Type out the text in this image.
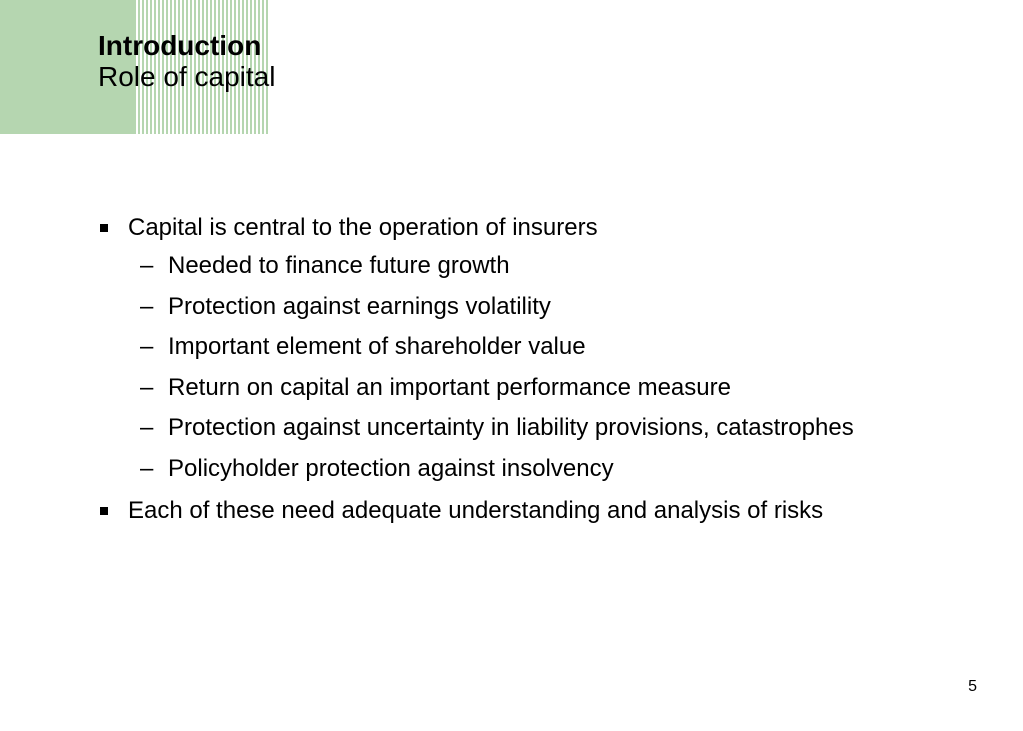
Introduction
Role of capital
Capital is central to the operation of insurers
– Needed to finance future growth
– Protection against earnings volatility
– Important element of shareholder value
– Return on capital an important performance measure
– Protection against uncertainty in liability provisions, catastrophes
– Policyholder protection against insolvency
Each of these need adequate understanding and analysis of risks
5
